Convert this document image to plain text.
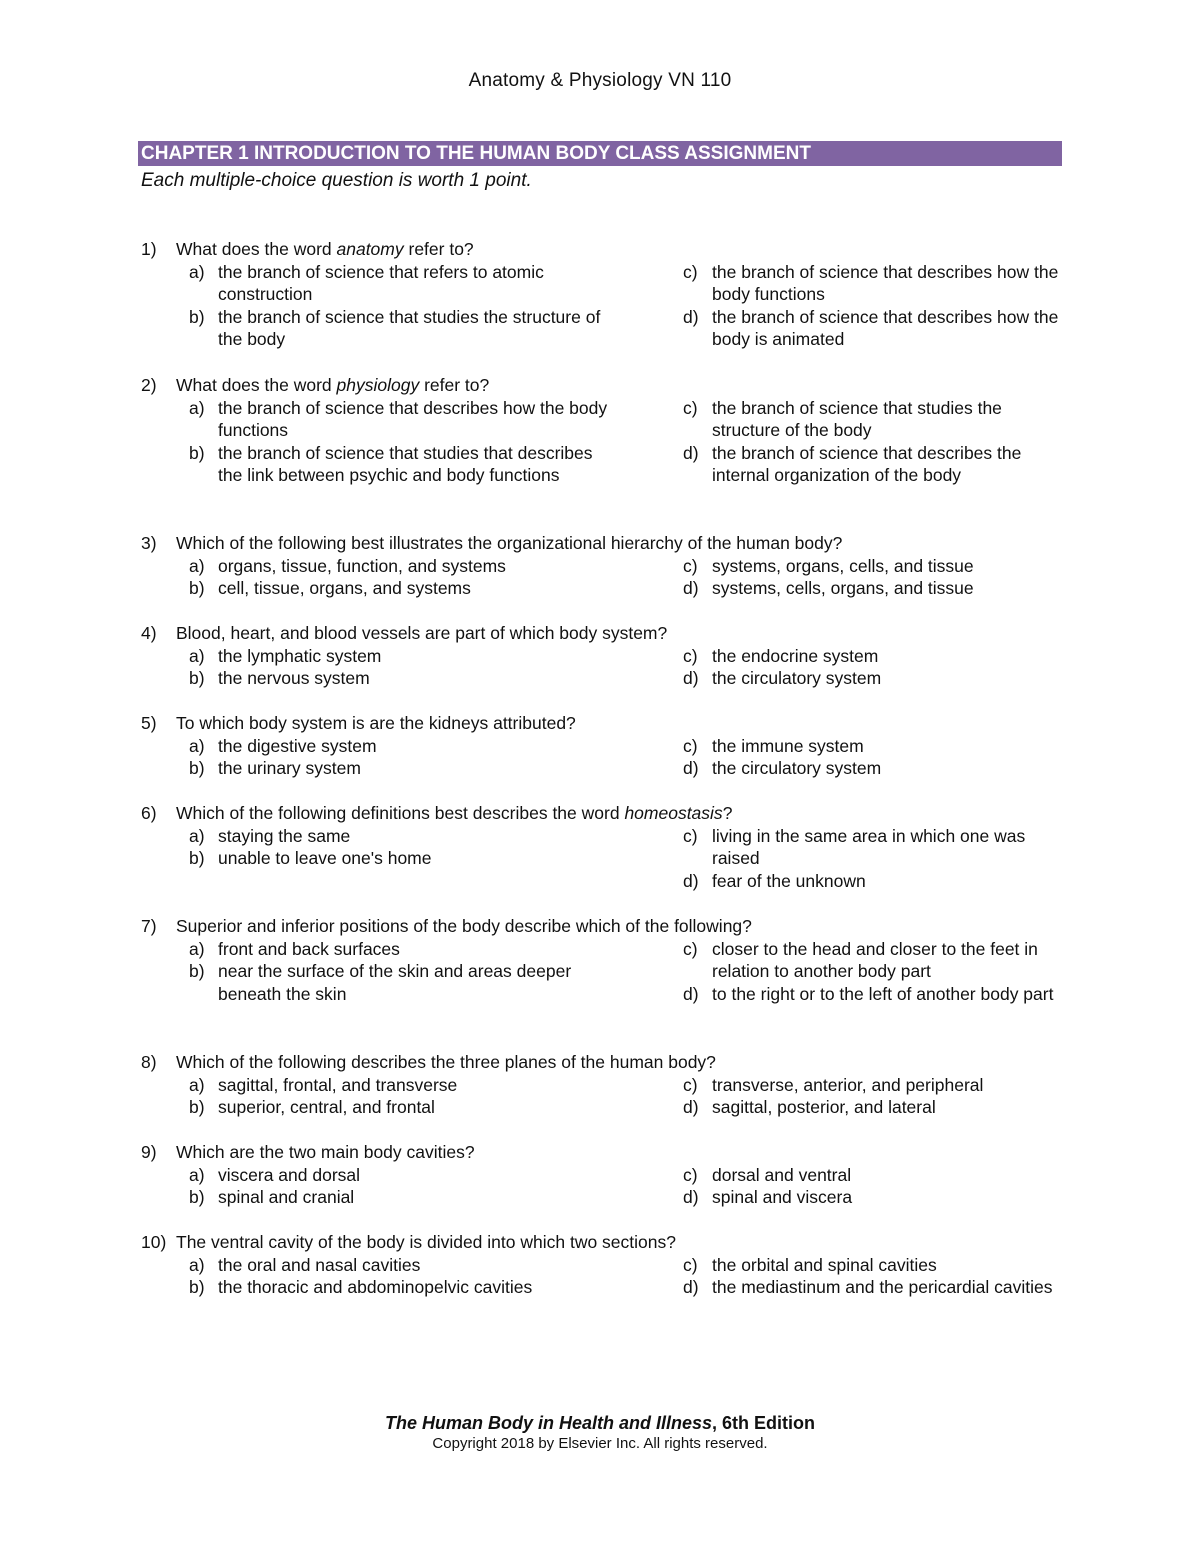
Anatomy & Physiology VN 110
CHAPTER 1 INTRODUCTION TO THE HUMAN BODY CLASS ASSIGNMENT
Each multiple-choice question is worth 1 point.
1) What does the word anatomy refer to?
a) the branch of science that refers to atomic construction
b) the branch of science that studies the structure of the body
c) the branch of science that describes how the body functions
d) the branch of science that describes how the body is animated
2) What does the word physiology refer to?
a) the branch of science that describes how the body functions
b) the branch of science that studies that describes the link between psychic and body functions
c) the branch of science that studies the structure of the body
d) the branch of science that describes the internal organization of the body
3) Which of the following best illustrates the organizational hierarchy of the human body?
a) organs, tissue, function, and systems
b) cell, tissue, organs, and systems
c) systems, organs, cells, and tissue
d) systems, cells, organs, and tissue
4) Blood, heart, and blood vessels are part of which body system?
a) the lymphatic system
b) the nervous system
c) the endocrine system
d) the circulatory system
5) To which body system is are the kidneys attributed?
a) the digestive system
b) the urinary system
c) the immune system
d) the circulatory system
6) Which of the following definitions best describes the word homeostasis?
a) staying the same
b) unable to leave one's home
c) living in the same area in which one was raised
d) fear of the unknown
7) Superior and inferior positions of the body describe which of the following?
a) front and back surfaces
b) near the surface of the skin and areas deeper beneath the skin
c) closer to the head and closer to the feet in relation to another body part
d) to the right or to the left of another body part
8) Which of the following describes the three planes of the human body?
a) sagittal, frontal, and transverse
b) superior, central, and frontal
c) transverse, anterior, and peripheral
d) sagittal, posterior, and lateral
9) Which are the two main body cavities?
a) viscera and dorsal
b) spinal and cranial
c) dorsal and ventral
d) spinal and viscera
10) The ventral cavity of the body is divided into which two sections?
a) the oral and nasal cavities
b) the thoracic and abdominopelvic cavities
c) the orbital and spinal cavities
d) the mediastinum and the pericardial cavities
The Human Body in Health and Illness, 6th Edition
Copyright 2018 by Elsevier Inc. All rights reserved.
